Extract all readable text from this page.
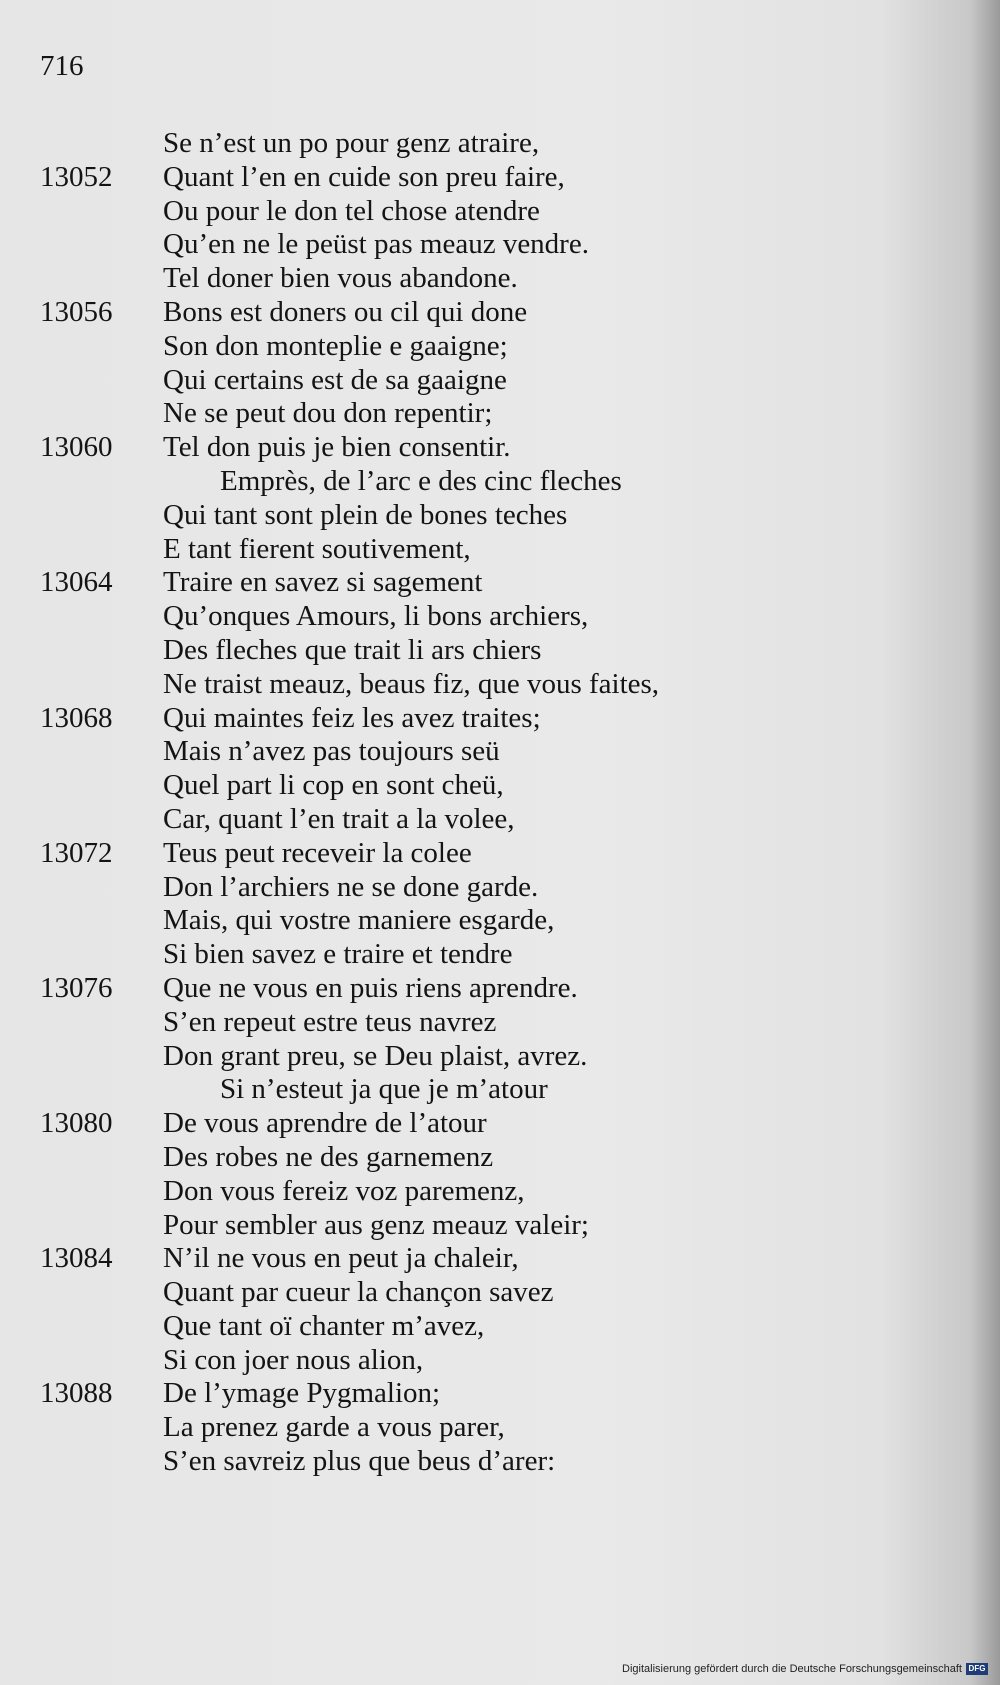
716
Se n’est un po pour genz atraire,
13052 Quant l’en en cuide son preu faire,
Ou pour le don tel chose atendre
Qu’en ne le peüst pas meauz vendre.
Tel doner bien vous abandone.
13056 Bons est doners ou cil qui done
Son don monteplie e gaaigne;
Qui certains est de sa gaaigne
Ne se peut dou don repentir;
13060 Tel don puis je bien consentir.
Emprès, de l’arc e des cinc fleches
Qui tant sont plein de bones teches
E tant fierent soutivement,
13064 Traire en savez si sagement
Qu’onques Amours, li bons archiers,
Des fleches que trait li ars chiers
Ne traist meauz, beaus fiz, que vous faites,
13068 Qui maintes feiz les avez traites;
Mais n’avez pas toujours seü
Quel part li cop en sont cheü,
Car, quant l’en trait a la volee,
13072 Teus peut receveir la colee
Don l’archiers ne se done garde.
Mais, qui vostre maniere esgarde,
Si bien savez e traire et tendre
13076 Que ne vous en puis riens aprendre.
S’en repeut estre teus navrez
Don grant preu, se Deu plaist, avrez.
Si n’esteut ja que je m’atour
13080 De vous aprendre de l’atour
Des robes ne des garnemenz
Don vous fereiz voz paremenz,
Pour sembler aus genz meauz valeir;
13084 N’il ne vous en peut ja chaleir,
Quant par cueur la chançon savez
Que tant oï chanter m’avez,
Si con joer nous alion,
13088 De l’ymage Pygmalion;
La prenez garde a vous parer,
S’en savreiz plus que beus d’arer:
Digitalisierung gefördert durch die Deutsche Forschungsgemeinschaft DFG
